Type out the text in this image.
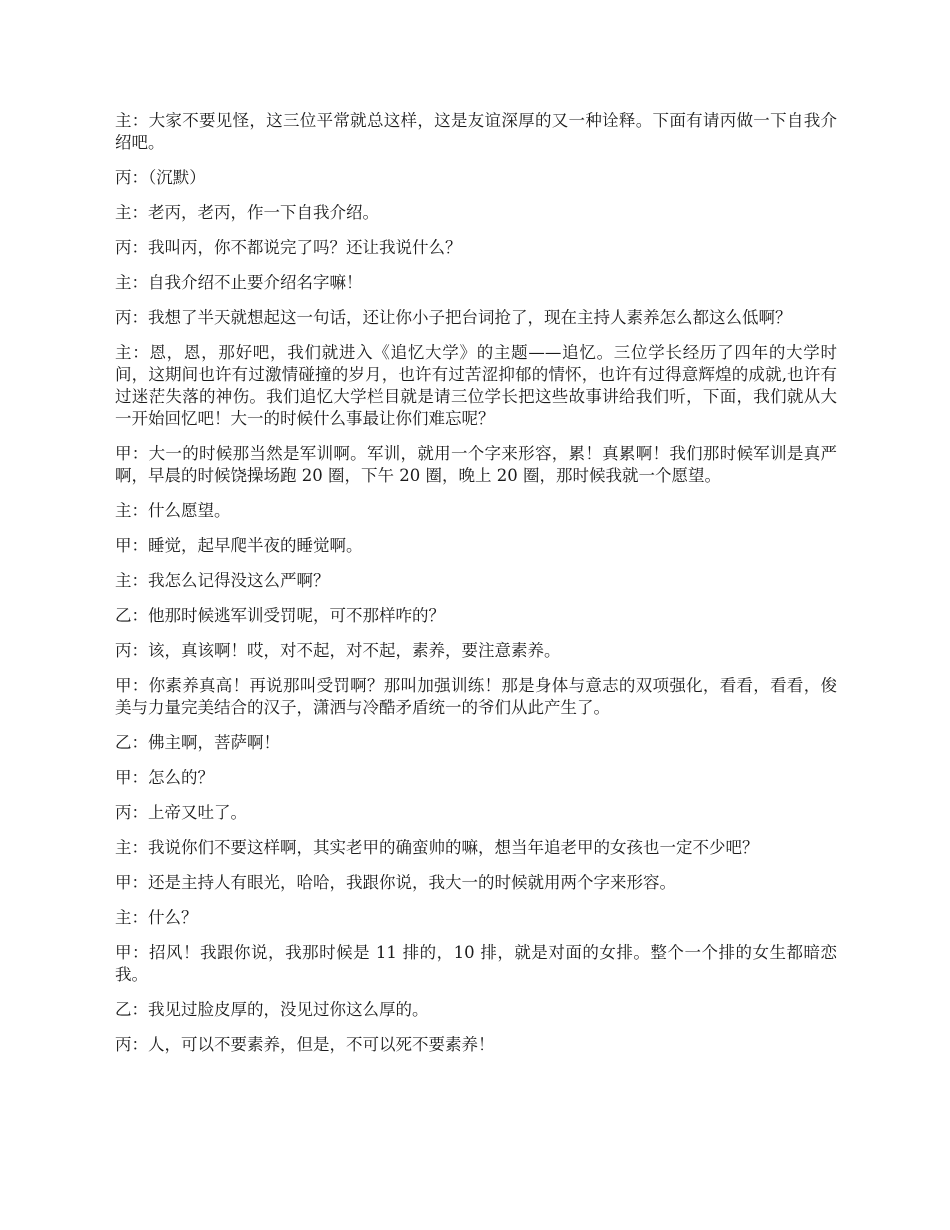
主：大家不要见怪，这三位平常就总这样，这是友谊深厚的又一种诠释。下面有请丙做一下自我介绍吧。

丙：（沉默）

主：老丙，老丙，作一下自我介绍。

丙：我叫丙，你不都说完了吗？还让我说什么？

主：自我介绍不止要介绍名字嘛！

丙：我想了半天就想起这一句话，还让你小子把台词抢了，现在主持人素养怎么都这么低啊？

主：恩，恩，那好吧，我们就进入《追忆大学》的主题——追忆。三位学长经历了四年的大学时间，这期间也许有过激情碰撞的岁月，也许有过苦涩抑郁的情怀，也许有过得意辉煌的成就,也许有过迷茫失落的神伤。我们追忆大学栏目就是请三位学长把这些故事讲给我们听，下面，我们就从大一开始回忆吧！大一的时候什么事最让你们难忘呢？

甲：大一的时候那当然是军训啊。军训，就用一个字来形容，累！真累啊！我们那时候军训是真严啊，早晨的时候饶操场跑 20 圈，下午 20 圈，晚上 20 圈，那时候我就一个愿望。

主：什么愿望。

甲：睡觉，起早爬半夜的睡觉啊。

主：我怎么记得没这么严啊？

乙：他那时候逃军训受罚呢，可不那样咋的？

丙：该，真该啊！哎，对不起，对不起，素养，要注意素养。

甲：你素养真高！再说那叫受罚啊？那叫加强训练！那是身体与意志的双项强化，看看，看看，俊美与力量完美结合的汉子，潇洒与冷酷矛盾统一的爷们从此产生了。

乙：佛主啊，菩萨啊！

甲：怎么的？

丙：上帝又吐了。

主：我说你们不要这样啊，其实老甲的确蛮帅的嘛，想当年追老甲的女孩也一定不少吧？

甲：还是主持人有眼光，哈哈，我跟你说，我大一的时候就用两个字来形容。

主：什么？

甲：招风！我跟你说，我那时候是 11 排的，10 排，就是对面的女排。整个一个排的女生都暗恋我。

乙：我见过脸皮厚的，没见过你这么厚的。

丙：人，可以不要素养，但是，不可以死不要素养！
